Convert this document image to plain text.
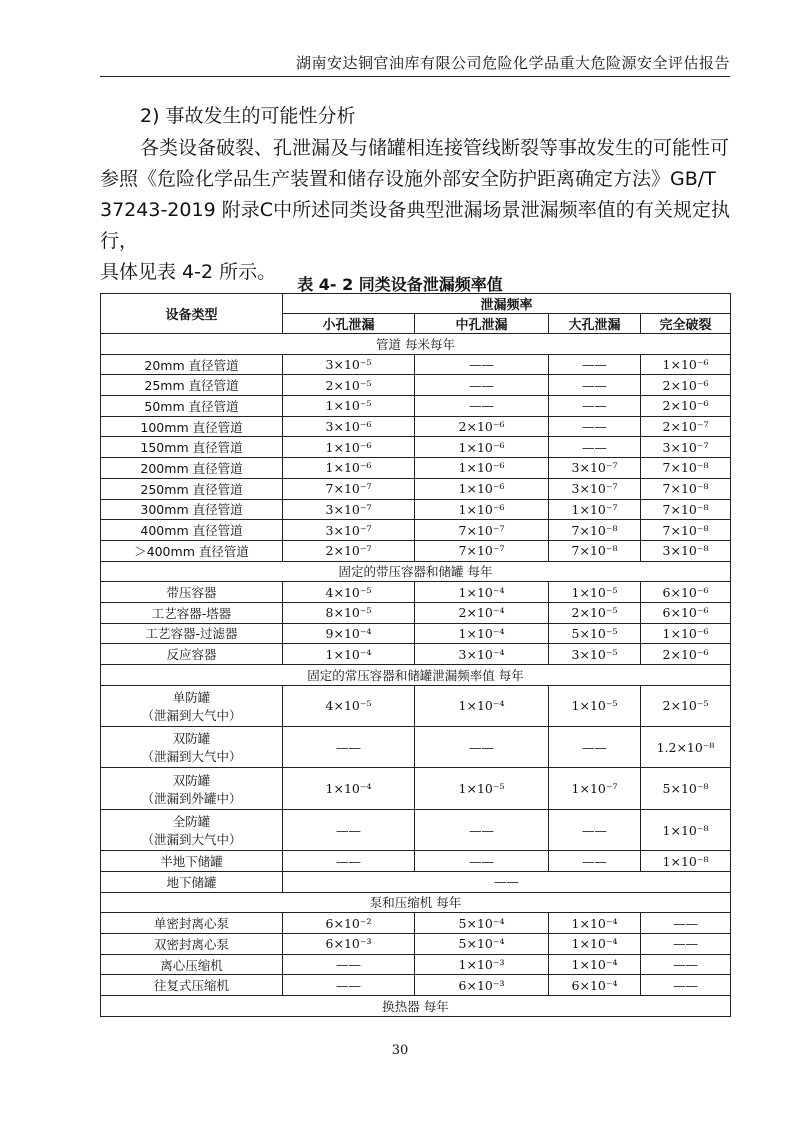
湖南安达铜官油库有限公司危险化学品重大危险源安全评估报告
2) 事故发生的可能性分析

各类设备破裂、孔泄漏及与储罐相连接管线断裂等事故发生的可能性可

参照《危险化学品生产装置和储存设施外部安全防护距离确定方法》GB/T

37243-2019 附录C中所述同类设备典型泄漏场景泄漏频率值的有关规定执行，

具体见表 4-2 所示。

表 4- 2 同类设备泄漏频率值
设备类型	泄漏频率			
	小孔泄漏	中孔泄漏	大孔泄漏	完全破裂
管道 每米每年				

20mm 直径管道	3×10⁻⁵	——	——	1×10⁻⁶

25mm 直径管道	2×10⁻⁵	——	——	2×10⁻⁶

50mm 直径管道	1×10⁻⁵	——	——	2×10⁻⁶

100mm 直径管道	3×10⁻⁶	2×10⁻⁶	——	2×10⁻⁷

150mm 直径管道	1×10⁻⁶	1×10⁻⁶	——	3×10⁻⁷

200mm 直径管道	1×10⁻⁶	1×10⁻⁶	3×10⁻⁷	7×10⁻⁸

250mm 直径管道	7×10⁻⁷	1×10⁻⁶	3×10⁻⁷	7×10⁻⁸

300mm 直径管道	3×10⁻⁷	1×10⁻⁶	1×10⁻⁷	7×10⁻⁸

400mm 直径管道	3×10⁻⁷	7×10⁻⁷	7×10⁻⁸	7×10⁻⁸

＞400mm 直径管道	2×10⁻⁷	7×10⁻⁷	7×10⁻⁸	3×10⁻⁸
固定的带压容器和储罐 每年				

带压容器	4×10⁻⁵	1×10⁻⁴	1×10⁻⁵	6×10⁻⁶

工艺容器-塔器	8×10⁻⁵	2×10⁻⁴	2×10⁻⁵	6×10⁻⁶

工艺容器-过滤器	9×10⁻⁴	1×10⁻⁴	5×10⁻⁵	1×10⁻⁶

反应容器	1×10⁻⁴	3×10⁻⁴	3×10⁻⁵	2×10⁻⁶
固定的常压容器和储罐泄漏频率值 每年				

单防罐
（泄漏到大气中）	4×10⁻⁵	1×10⁻⁴	1×10⁻⁵	2×10⁻⁵

双防罐
（泄漏到大气中）	——	——	——	1.2×10⁻⁸

双防罐
（泄漏到外罐中）	1×10⁻⁴	1×10⁻⁵	1×10⁻⁷	5×10⁻⁸

全防罐
（泄漏到大气中）	——	——	——	1×10⁻⁸

半地下储罐	——	——	——	1×10⁻⁸

地下储罐	——			
泵和压缩机 每年				

单密封离心泵	6×10⁻²	5×10⁻⁴	1×10⁻⁴	——

双密封离心泵	6×10⁻³	5×10⁻⁴	1×10⁻⁴	——

离心压缩机	——	1×10⁻³	1×10⁻⁴	——

往复式压缩机	——	6×10⁻³	6×10⁻⁴	——
换热器 每年				
30
